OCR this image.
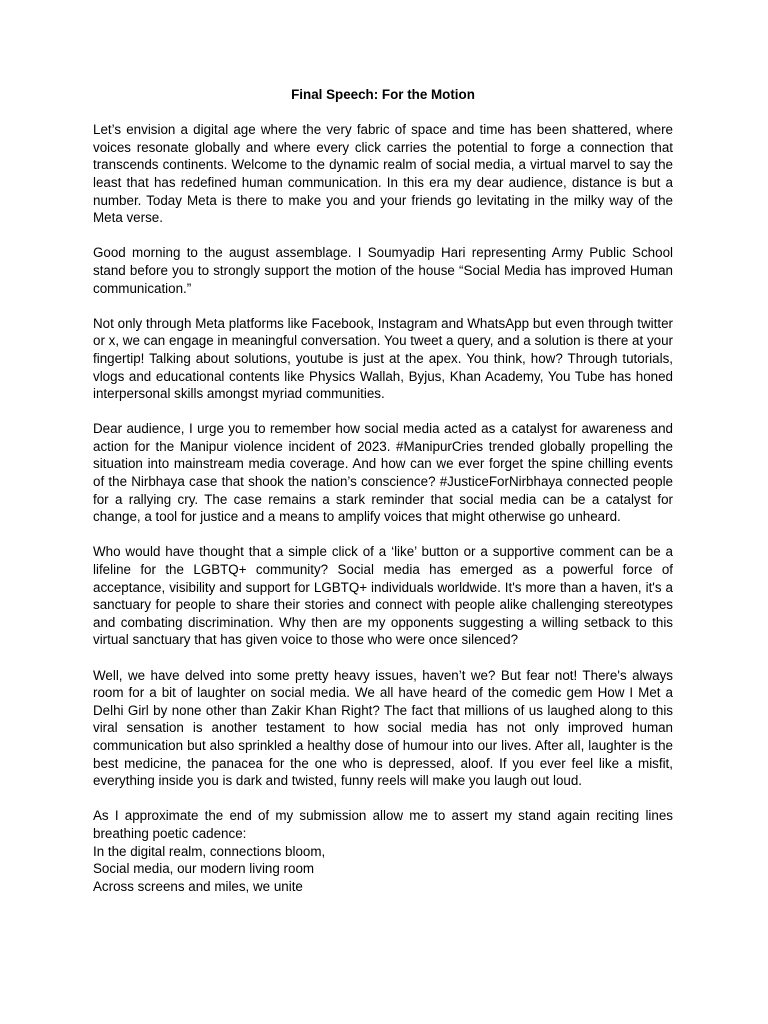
Final Speech: For the Motion

Let’s envision a digital age where the very fabric of space and time has been shattered, where voices resonate globally and where every click carries the potential to forge a connection that transcends continents. Welcome to the dynamic realm of social media, a virtual marvel to say the least that has redefined human communication. In this era my dear audience, distance is but a number. Today Meta is there to make you and your friends go levitating in the milky way of the Meta verse.

Good morning to the august assemblage. I Soumyadip Hari representing Army Public School stand before you to strongly support the motion of the house “Social Media has improved Human communication.”

Not only through Meta platforms like Facebook, Instagram and WhatsApp but even through twitter or x, we can engage in meaningful conversation. You tweet a query, and a solution is there at your fingertip! Talking about solutions, youtube is just at the apex. You think, how? Through tutorials, vlogs and educational contents like Physics Wallah, Byjus, Khan Academy, You Tube has honed interpersonal skills amongst myriad communities.

Dear audience, I urge you to remember how social media acted as a catalyst for awareness and action for the Manipur violence incident of 2023. #ManipurCries trended globally propelling the situation into mainstream media coverage. And how can we ever forget the spine chilling events of the Nirbhaya case that shook the nation’s conscience? #JusticeForNirbhaya connected people for a rallying cry. The case remains a stark reminder that social media can be a catalyst for change, a tool for justice and a means to amplify voices that might otherwise go unheard.

Who would have thought that a simple click of a ‘like’ button or a supportive comment can be a lifeline for the LGBTQ+ community? Social media has emerged as a powerful force of acceptance, visibility and support for LGBTQ+ individuals worldwide. It's more than a haven, it's a sanctuary for people to share their stories and connect with people alike challenging stereotypes and combating discrimination. Why then are my opponents suggesting a willing setback to this virtual sanctuary that has given voice to those who were once silenced?

Well, we have delved into some pretty heavy issues, haven’t we? But fear not! There's always room for a bit of laughter on social media. We all have heard of the comedic gem How I Met a Delhi Girl by none other than Zakir Khan Right? The fact that millions of us laughed along to this viral sensation is another testament to how social media has not only improved human communication but also sprinkled a healthy dose of humour into our lives. After all, laughter is the best medicine, the panacea for the one who is depressed, aloof. If you ever feel like a misfit, everything inside you is dark and twisted, funny reels will make you laugh out loud.

As I approximate the end of my submission allow me to assert my stand again reciting lines breathing poetic cadence:

In the digital realm, connections bloom,

Social media, our modern living room

Across screens and miles, we unite
